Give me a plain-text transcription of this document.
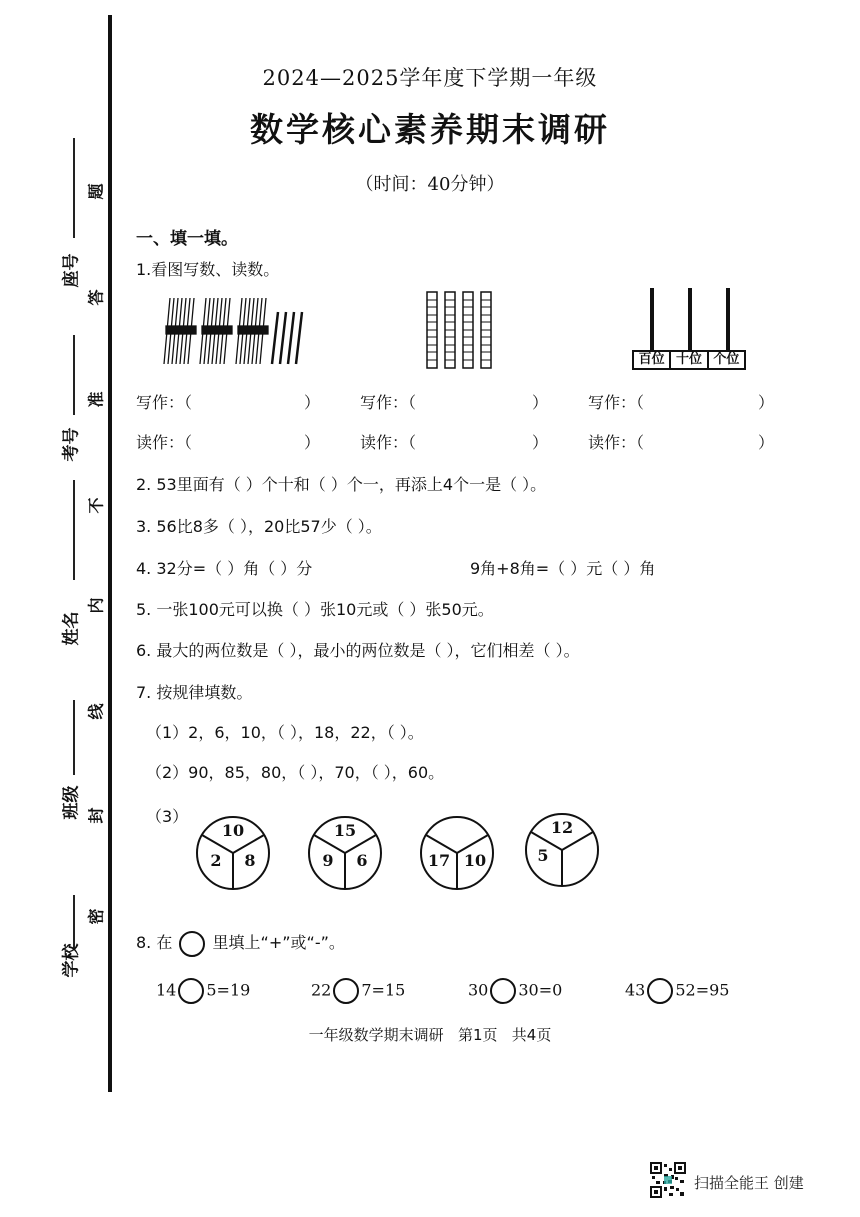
学校
班级
姓名
考号
座号
密
封
线
内
不
准
答
题
2024—2025学年度下学期一年级
数学核心素养期末调研
（时间：40分钟）
一、填一填。
1.看图写数、读数。
百位 十位 个位
写作：（	） 写作：（	） 写作：（	）
读作：（	） 读作：（	） 读作：（	）
2. 53里面有（ ）个十和（ ）个一，再添上4个一是（ ）。
3. 56比8多（ ），20比57少（ ）。
4. 32分=（ ）角（ ）分	9角+8角=（ ）元（ ）角
5. 一张100元可以换（ ）张10元或（ ）张50元。
6. 最大的两位数是（ ），最小的两位数是（ ），它们相差（ ）。
7. 按规律填数。
（1）2，6，10，（ ），18，22，（ ）。
（2）90，85，80，（ ），70，（ ），60。
（3）
10
2	8
15
9	6	17 10
12
5
8. 在	里填上“+”或“-”。
14 5=19	22 7=15	30 30=0	43 52=95
一年级数学期末调研   第1页   共4页
扫描全能王 创建
